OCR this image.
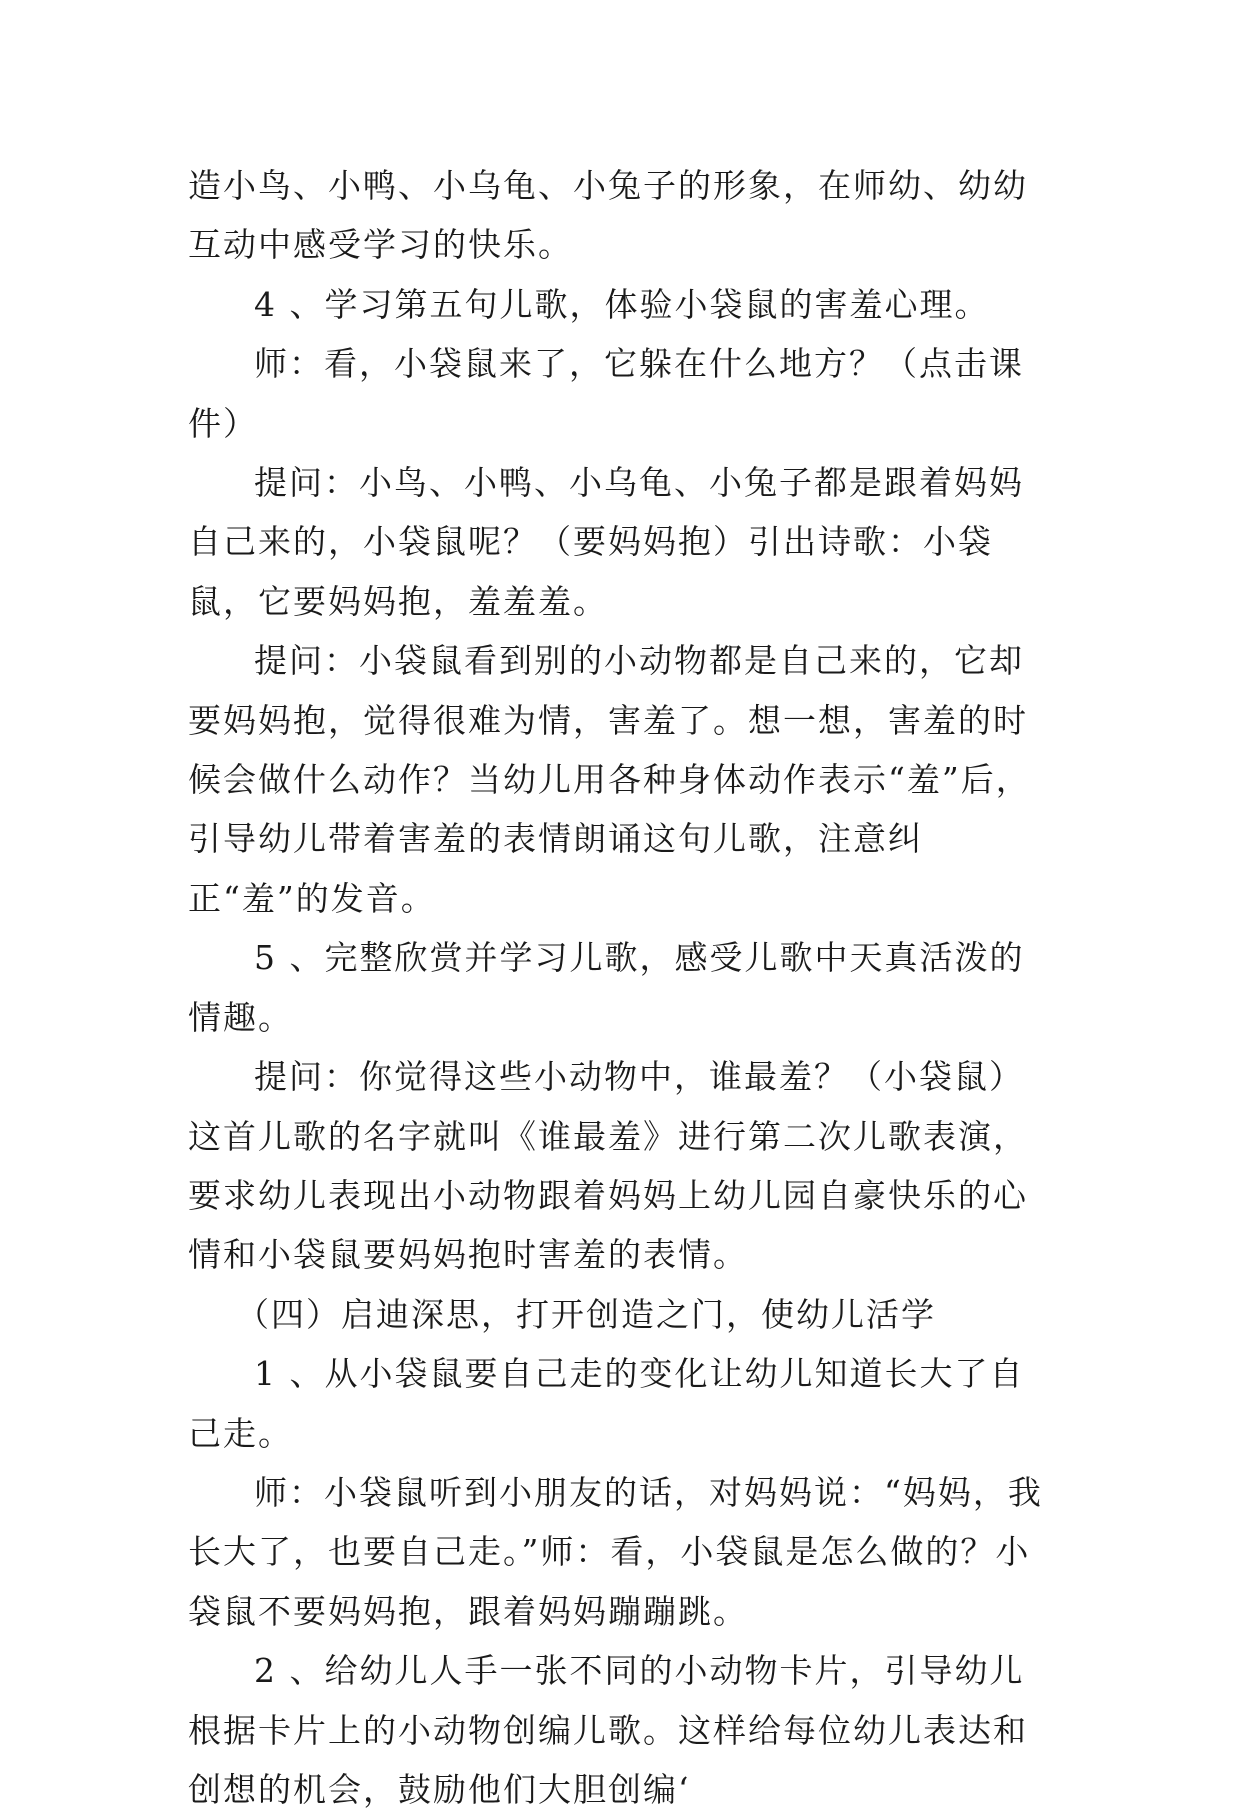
造小鸟、小鸭、小乌龟、小兔子的形象，在师幼、幼幼互动中感受学习的快乐。

4 、学习第五句儿歌，体验小袋鼠的害羞心理。

师：看，小袋鼠来了，它躲在什么地方？（点击课件）

提问：小鸟、小鸭、小乌龟、小兔子都是跟着妈妈自己来的，小袋鼠呢？（要妈妈抱）引出诗歌：小袋鼠，它要妈妈抱，羞羞羞。

提问：小袋鼠看到别的小动物都是自己来的，它却要妈妈抱，觉得很难为情，害羞了。想一想，害羞的时候会做什么动作？当幼儿用各种身体动作表示“羞”后，引导幼儿带着害羞的表情朗诵这句儿歌，注意纠正“羞”的发音。

5 、完整欣赏并学习儿歌，感受儿歌中天真活泼的情趣。

提问：你觉得这些小动物中，谁最羞？（小袋鼠）这首儿歌的名字就叫《谁最羞》进行第二次儿歌表演，要求幼儿表现出小动物跟着妈妈上幼儿园自豪快乐的心情和小袋鼠要妈妈抱时害羞的表情。

（四）启迪深思，打开创造之门，使幼儿活学

1 、从小袋鼠要自己走的变化让幼儿知道长大了自己走。

师：小袋鼠听到小朋友的话，对妈妈说：“妈妈，我长大了，也要自己走。”师：看，小袋鼠是怎么做的？小袋鼠不要妈妈抱，跟着妈妈蹦蹦跳。

2 、给幼儿人手一张不同的小动物卡片，引导幼儿根据卡片上的小动物创编儿歌。这样给每位幼儿表达和创想的机会，鼓励他们大胆创编‘
